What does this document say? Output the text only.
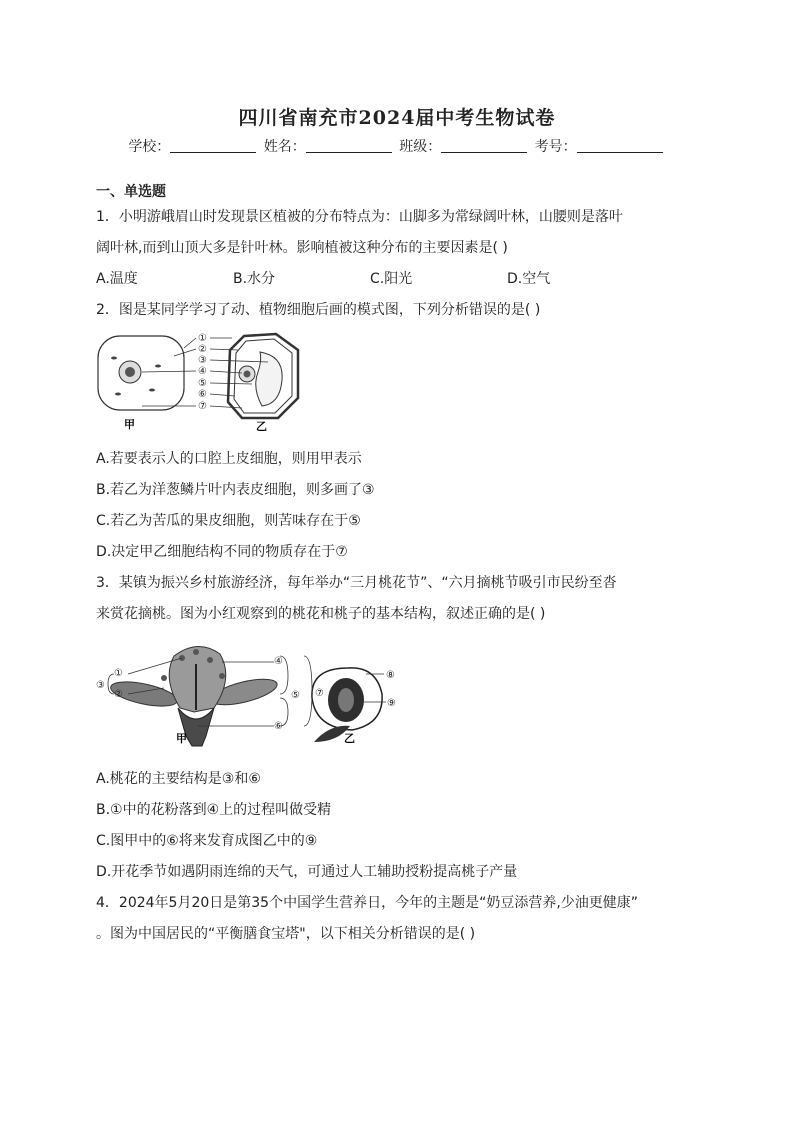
四川省南充市2024届中考生物试卷
学校：	姓名：	班级：	考号：
一、单选题
1．小明游峨眉山时发现景区植被的分布特点为：山脚多为常绿阔叶林，山腰则是落叶
阔叶林,而到山顶大多是针叶林。影响植被这种分布的主要因素是( )
A.温度	B.水分	C.阳光	D.空气
2．图是某同学学习了动、植物细胞后画的模式图，下列分析错误的是( )
①
②
③
④
⑤
⑥
⑦
甲	乙
A.若要表示人的口腔上皮细胞，则用甲表示
B.若乙为洋葱鳞片叶内表皮细胞，则多画了③
C.若乙为苦瓜的果皮细胞，则苦味存在于⑤
D.决定甲乙细胞结构不同的物质存在于⑦
3．某镇为振兴乡村旅游经济，每年举办“三月桃花节”、“六月摘桃节吸引市民纷至沓
来赏花摘桃。图为小红观察到的桃花和桃子的基本结构，叙述正确的是( )
①
②
③
④
⑤
⑥
⑦
⑧
⑨
甲	乙
A.桃花的主要结构是③和⑥
B.①中的花粉落到④上的过程叫做受精
C.图甲中的⑥将来发育成图乙中的⑨
D.开花季节如遇阴雨连绵的天气，可通过人工辅助授粉提高桃子产量
4．2024年5月20日是第35个中国学生营养日，今年的主题是“奶豆添营养,少油更健康”
。图为中国居民的“平衡膳食宝塔"，以下相关分析错误的是( )
